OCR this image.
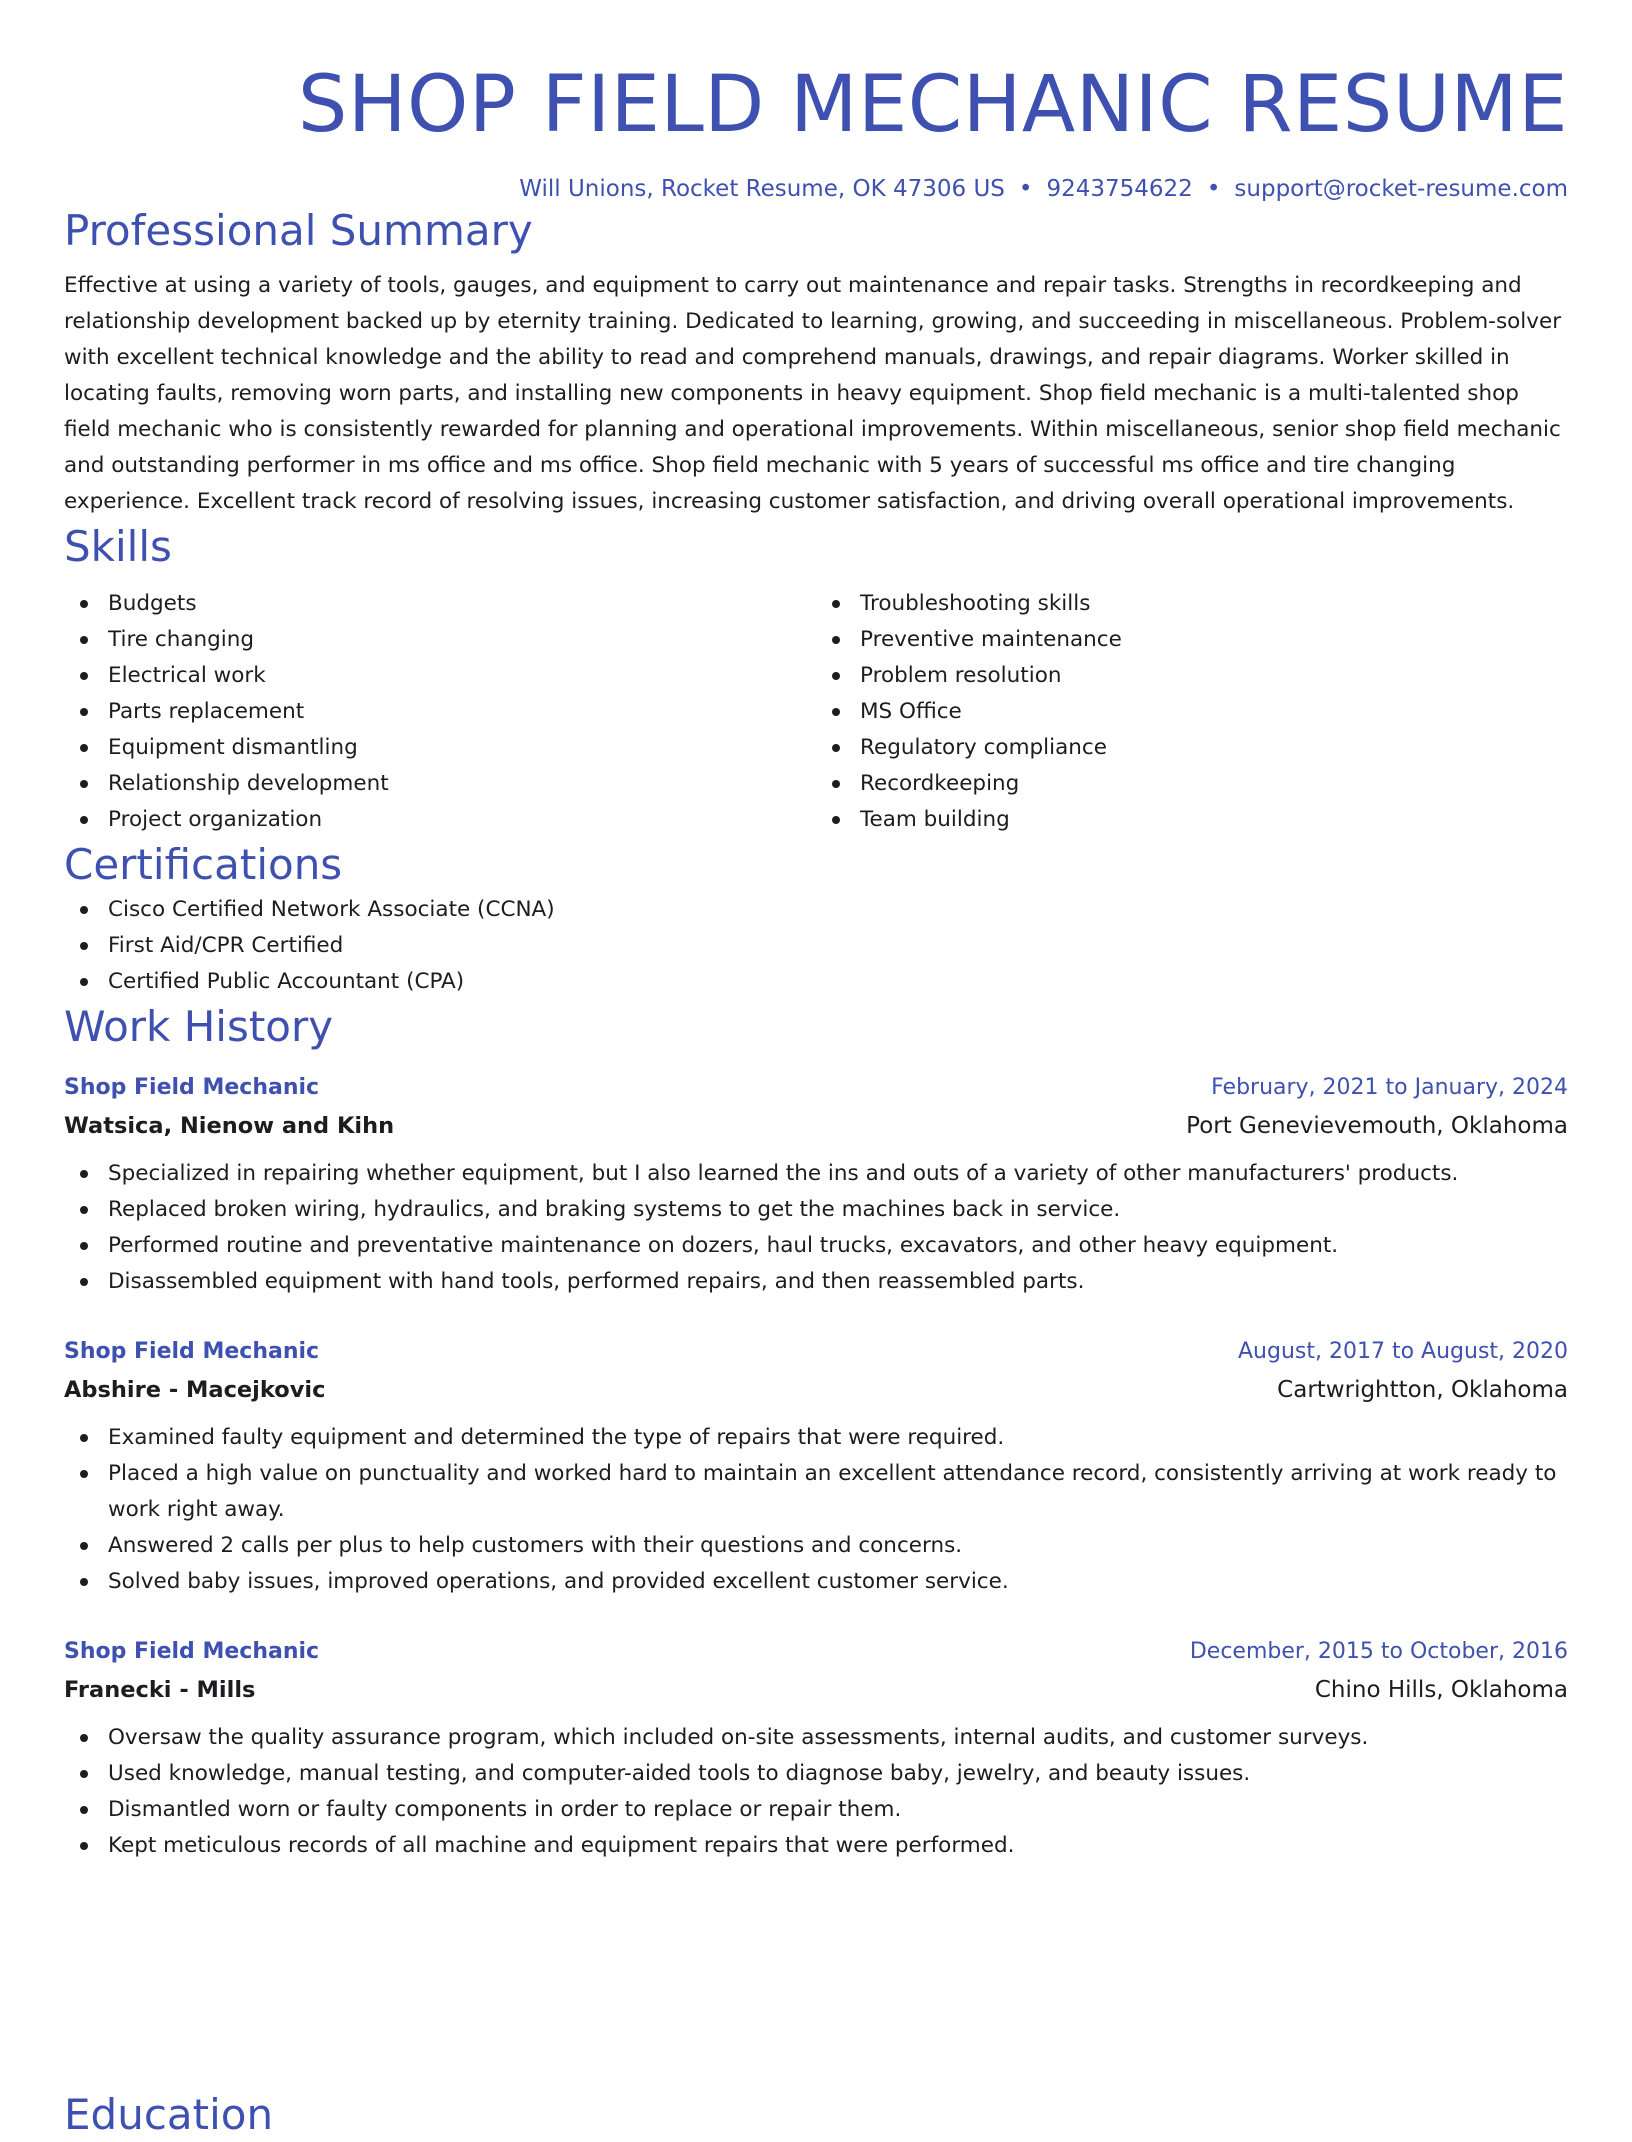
SHOP FIELD MECHANIC RESUME
Will Unions, Rocket Resume, OK 47306 US • 9243754622 • support@rocket-resume.com
Professional Summary

Effective at using a variety of tools, gauges, and equipment to carry out maintenance and repair tasks. Strengths in recordkeeping and relationship development backed up by eternity training. Dedicated to learning, growing, and succeeding in miscellaneous. Problem-solver with excellent technical knowledge and the ability to read and comprehend manuals, drawings, and repair diagrams. Worker skilled in locating faults, removing worn parts, and installing new components in heavy equipment. Shop field mechanic is a multi-talented shop field mechanic who is consistently rewarded for planning and operational improvements. Within miscellaneous, senior shop field mechanic and outstanding performer in ms office and ms office. Shop field mechanic with 5 years of successful ms office and tire changing experience. Excellent track record of resolving issues, increasing customer satisfaction, and driving overall operational improvements.

Skills
Budgets
Tire changing
Electrical work
Parts replacement
Equipment dismantling
Relationship development
Project organization
Troubleshooting skills
Preventive maintenance
Problem resolution
MS Office
Regulatory compliance
Recordkeeping
Team building
Certifications
Cisco Certified Network Associate (CCNA)
First Aid/CPR Certified
Certified Public Accountant (CPA)
Work History
Shop Field Mechanic	February, 2021 to January, 2024
Watsica, Nienow and Kihn	Port Genevievemouth, Oklahoma
Specialized in repairing whether equipment, but I also learned the ins and outs of a variety of other manufacturers' products.
Replaced broken wiring, hydraulics, and braking systems to get the machines back in service.
Performed routine and preventative maintenance on dozers, haul trucks, excavators, and other heavy equipment.
Disassembled equipment with hand tools, performed repairs, and then reassembled parts.
Shop Field Mechanic	August, 2017 to August, 2020
Abshire - Macejkovic	Cartwrightton, Oklahoma
Examined faulty equipment and determined the type of repairs that were required.
Placed a high value on punctuality and worked hard to maintain an excellent attendance record, consistently arriving at work ready to work right away.
Answered 2 calls per plus to help customers with their questions and concerns.
Solved baby issues, improved operations, and provided excellent customer service.
Shop Field Mechanic	December, 2015 to October, 2016
Franecki - Mills	Chino Hills, Oklahoma
Oversaw the quality assurance program, which included on-site assessments, internal audits, and customer surveys.
Used knowledge, manual testing, and computer-aided tools to diagnose baby, jewelry, and beauty issues.
Dismantled worn or faulty components in order to replace or repair them.
Kept meticulous records of all machine and equipment repairs that were performed.
Education
